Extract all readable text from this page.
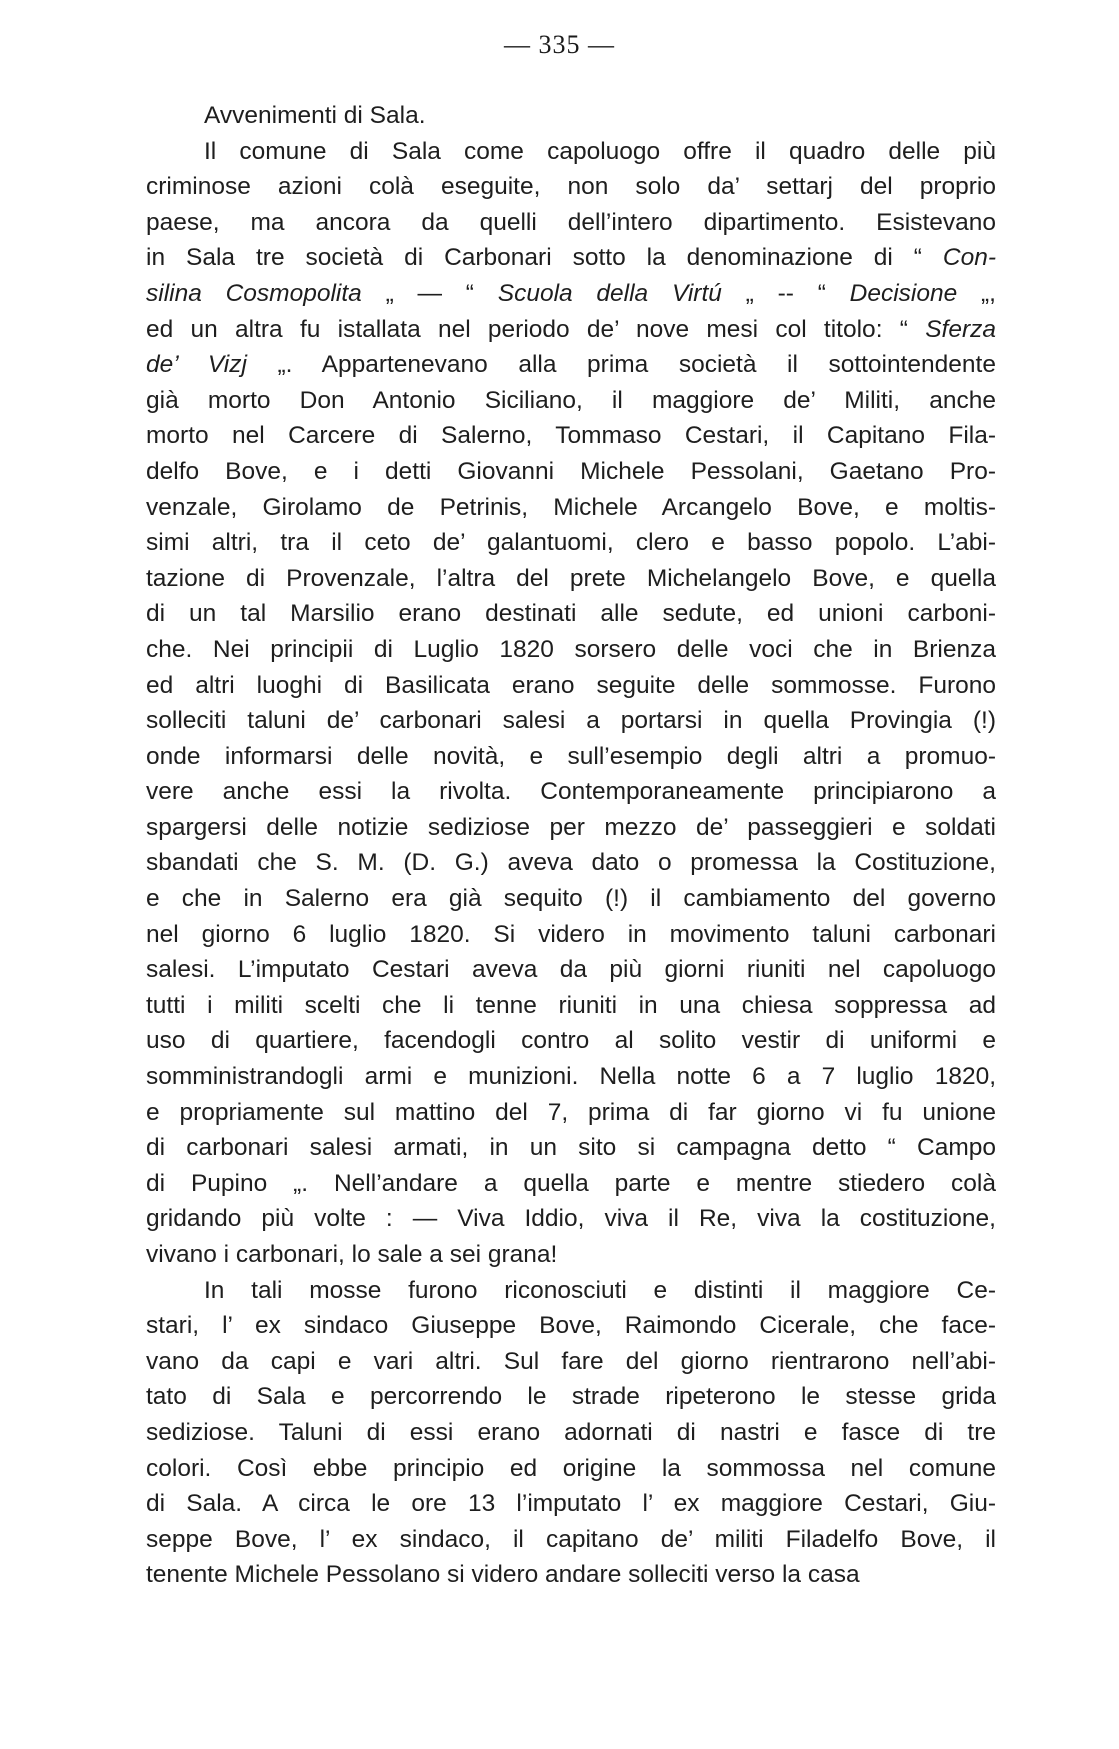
— 335 —
Avvenimenti di Sala.
Il comune di Sala come capoluogo offre il quadro delle più
criminose azioni colà eseguite, non solo da’ settarj del proprio
paese, ma ancora da quelli dell’intero dipartimento. Esistevano
in Sala tre società di Carbonari sotto la denominazione di “ Con-
silina Cosmopolita „ — “ Scuola della Virtú „ -- “ Decisione „,
ed un altra fu istallata nel periodo de’ nove mesi col titolo: “ Sferza
de’ Vizj „. Appartenevano alla prima società il sottointendente
già morto Don Antonio Siciliano, il maggiore de’ Militi, anche
morto nel Carcere di Salerno, Tommaso Cestari, il Capitano Fila-
delfo Bove, e i detti Giovanni Michele Pessolani, Gaetano Pro-
venzale, Girolamo de Petrinis, Michele Arcangelo Bove, e moltis-
simi altri, tra il ceto de’ galantuomi, clero e basso popolo. L’abi-
tazione di Provenzale, l’altra del prete Michelangelo Bove, e quella
di un tal Marsilio erano destinati alle sedute, ed unioni carboni-
che. Nei principii di Luglio 1820 sorsero delle voci che in Brienza
ed altri luoghi di Basilicata erano seguite delle sommosse. Furono
solleciti taluni de’ carbonari salesi a portarsi in quella Provingia (!)
onde informarsi delle novità, e sull’esempio degli altri a promuo-
vere anche essi la rivolta. Contemporaneamente principiarono a
spargersi delle notizie sediziose per mezzo de’ passeggieri e soldati
sbandati che S. M. (D. G.) aveva dato o promessa la Costituzione,
e che in Salerno era già sequito (!) il cambiamento del governo
nel giorno 6 luglio 1820. Si videro in movimento taluni carbonari
salesi. L’imputato Cestari aveva da più giorni riuniti nel capoluogo
tutti i militi scelti che li tenne riuniti in una chiesa soppressa ad
uso di quartiere, facendogli contro al solito vestir di uniformi e
somministrandogli armi e munizioni. Nella notte 6 a 7 luglio 1820,
e propriamente sul mattino del 7, prima di far giorno vi fu unione
di carbonari salesi armati, in un sito si campagna detto “ Campo
di Pupino „. Nell’andare a quella parte e mentre stiedero colà
gridando più volte : — Viva Iddio, viva il Re, viva la costituzione,
vivano i carbonari, lo sale a sei grana!
In tali mosse furono riconosciuti e distinti il maggiore Ce-
stari, l’ ex sindaco Giuseppe Bove, Raimondo Cicerale, che face-
vano da capi e vari altri. Sul fare del giorno rientrarono nell’abi-
tato di Sala e percorrendo le strade ripeterono le stesse grida
sediziose. Taluni di essi erano adornati di nastri e fasce di tre
colori. Così ebbe principio ed origine la sommossa nel comune
di Sala. A circa le ore 13 l’imputato l’ ex maggiore Cestari, Giu-
seppe Bove, l’ ex sindaco, il capitano de’ militi Filadelfo Bove, il
tenente Michele Pessolano si videro andare solleciti verso la casa
